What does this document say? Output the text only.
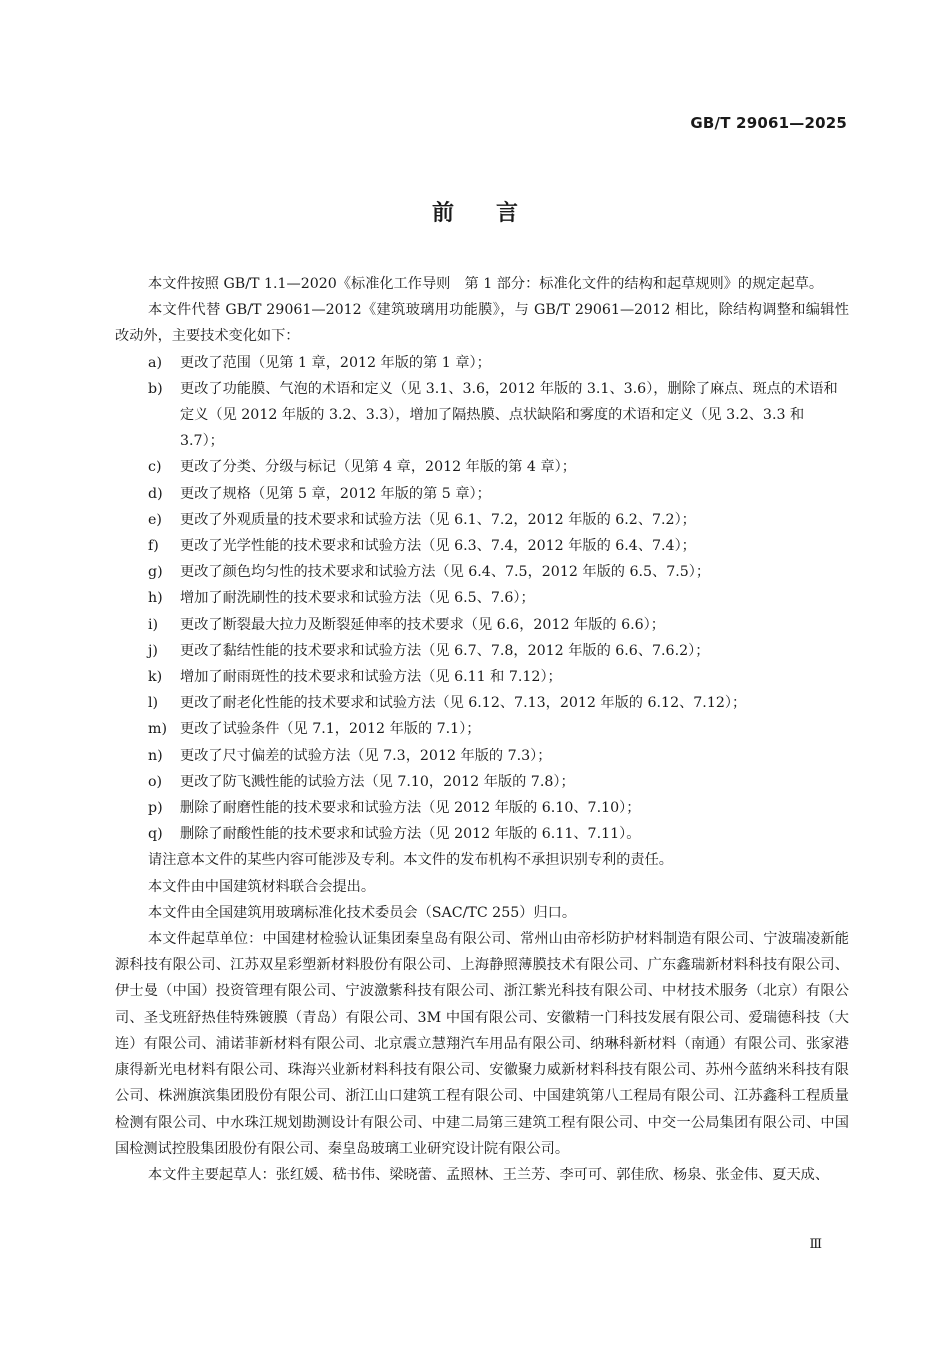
GB/T 29061—2025
前言

本文件按照 GB/T 1.1—2020《标准化工作导则　第 1 部分：标准化文件的结构和起草规则》的规定起草。

本文件代替 GB/T 29061—2012《建筑玻璃用功能膜》，与 GB/T 29061—2012 相比，除结构调整和编辑性改动外，主要技术变化如下：

a) 更改了范围（见第 1 章，2012 年版的第 1 章）；
b) 更改了功能膜、气泡的术语和定义（见 3.1、3.6，2012 年版的 3.1、3.6），删除了麻点、斑点的术语和定义（见 2012 年版的 3.2、3.3），增加了隔热膜、点状缺陷和雾度的术语和定义（见 3.2、3.3 和 3.7）；
c) 更改了分类、分级与标记（见第 4 章，2012 年版的第 4 章）；
d) 更改了规格（见第 5 章，2012 年版的第 5 章）；
e) 更改了外观质量的技术要求和试验方法（见 6.1、7.2，2012 年版的 6.2、7.2）；
f) 更改了光学性能的技术要求和试验方法（见 6.3、7.4，2012 年版的 6.4、7.4）；
g) 更改了颜色均匀性的技术要求和试验方法（见 6.4、7.5，2012 年版的 6.5、7.5）；
h) 增加了耐洗刷性的技术要求和试验方法（见 6.5、7.6）；
i) 更改了断裂最大拉力及断裂延伸率的技术要求（见 6.6，2012 年版的 6.6）；
j) 更改了黏结性能的技术要求和试验方法（见 6.7、7.8，2012 年版的 6.6、7.6.2）；
k) 增加了耐雨斑性的技术要求和试验方法（见 6.11 和 7.12）；
l) 更改了耐老化性能的技术要求和试验方法（见 6.12、7.13，2012 年版的 6.12、7.12）；
m) 更改了试验条件（见 7.1，2012 年版的 7.1）；
n) 更改了尺寸偏差的试验方法（见 7.3，2012 年版的 7.3）；
o) 更改了防飞溅性能的试验方法（见 7.10，2012 年版的 7.8）；
p) 删除了耐磨性能的技术要求和试验方法（见 2012 年版的 6.10、7.10）；
q) 删除了耐酸性能的技术要求和试验方法（见 2012 年版的 6.11、7.11）。

请注意本文件的某些内容可能涉及专利。本文件的发布机构不承担识别专利的责任。

本文件由中国建筑材料联合会提出。

本文件由全国建筑用玻璃标准化技术委员会（SAC/TC 255）归口。

本文件起草单位：中国建材检验认证集团秦皇岛有限公司、常州山由帝杉防护材料制造有限公司、宁波瑞凌新能源科技有限公司、江苏双星彩塑新材料股份有限公司、上海静照薄膜技术有限公司、广东鑫瑞新材料科技有限公司、伊士曼（中国）投资管理有限公司、宁波激紫科技有限公司、浙江紫光科技有限公司、中材技术服务（北京）有限公司、圣戈班舒热佳特殊镀膜（青岛）有限公司、3M 中国有限公司、安徽精一门科技发展有限公司、爱瑞德科技（大连）有限公司、浦诺菲新材料有限公司、北京震立慧翔汽车用品有限公司、纳琳科新材料（南通）有限公司、张家港康得新光电材料有限公司、珠海兴业新材料科技有限公司、安徽聚力威新材料科技有限公司、苏州今蓝纳米科技有限公司、株洲旗滨集团股份有限公司、浙江山口建筑工程有限公司、中国建筑第八工程局有限公司、江苏鑫科工程质量检测有限公司、中水珠江规划勘测设计有限公司、中建二局第三建筑工程有限公司、中交一公局集团有限公司、中国国检测试控股集团股份有限公司、秦皇岛玻璃工业研究设计院有限公司。

本文件主要起草人：张红媛、嵇书伟、梁晓蕾、孟照林、王兰芳、李可可、郭佳欣、杨泉、张金伟、夏天成、

Ⅲ
